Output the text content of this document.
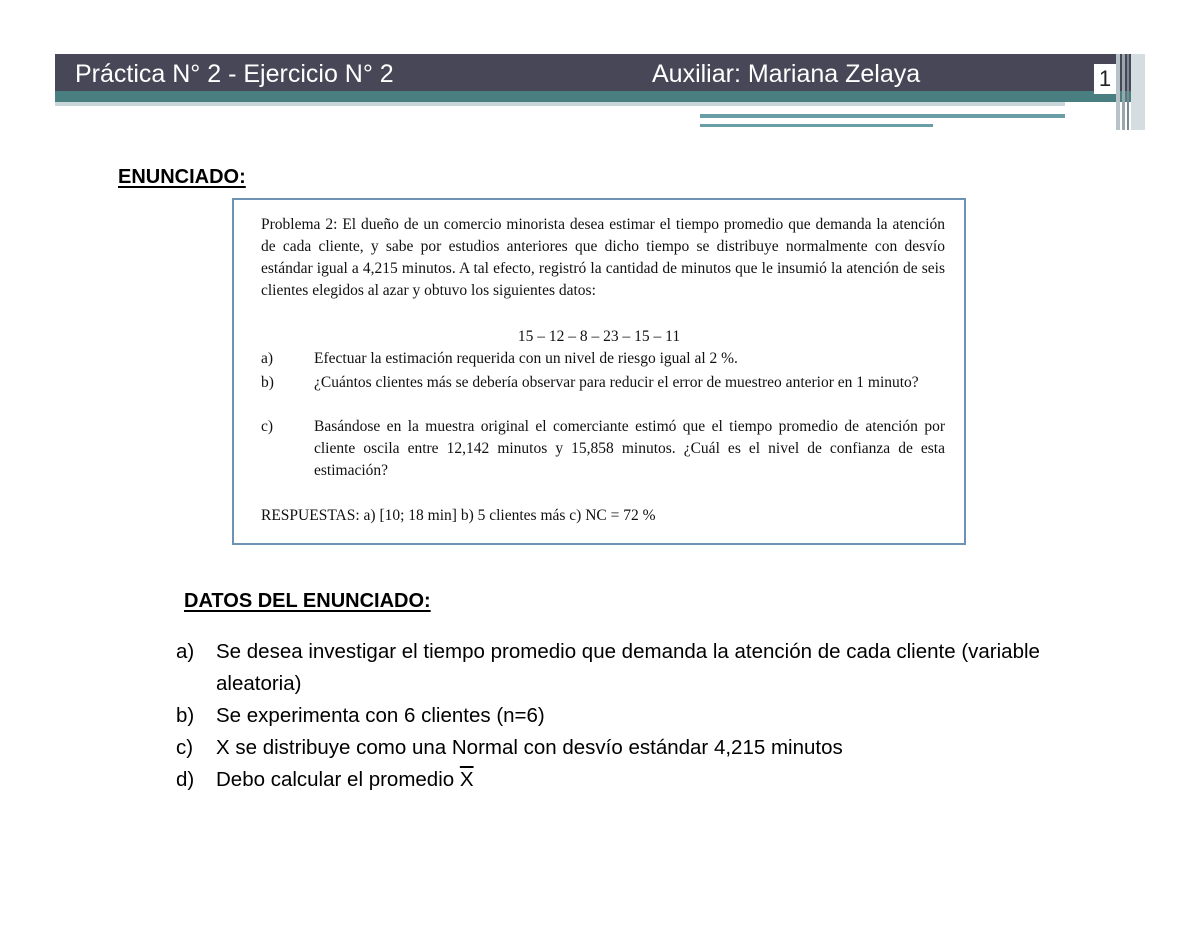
Práctica N° 2 - Ejercicio N° 2	Auxiliar: Mariana Zelaya	1
ENUNCIADO:
Problema 2: El dueño de un comercio minorista desea estimar el tiempo promedio que demanda la atención de cada cliente, y sabe por estudios anteriores que dicho tiempo se distribuye normalmente con desvío estándar igual a 4,215 minutos. A tal efecto, registró la cantidad de minutos que le insumió la atención de seis clientes elegidos al azar y obtuvo los siguientes datos:
15 – 12 – 8 – 23 – 15 – 11
a)	Efectuar la estimación requerida con un nivel de riesgo igual al 2 %.
b)	¿Cuántos clientes más se debería observar para reducir el error de muestreo anterior en 1 minuto?
c)	Basándose en la muestra original el comerciante estimó que el tiempo promedio de atención por cliente oscila entre 12,142 minutos y 15,858 minutos. ¿Cuál es el nivel de confianza de esta estimación?
RESPUESTAS: a) [10; 18 min] b) 5 clientes más c) NC = 72 %
DATOS DEL ENUNCIADO:
a) Se desea investigar el tiempo promedio que demanda la atención de cada cliente (variable aleatoria)
b) Se experimenta con 6 clientes (n=6)
c) X se distribuye como una Normal con desvío estándar 4,215 minutos
d) Debo calcular el promedio $\overline{X}$
